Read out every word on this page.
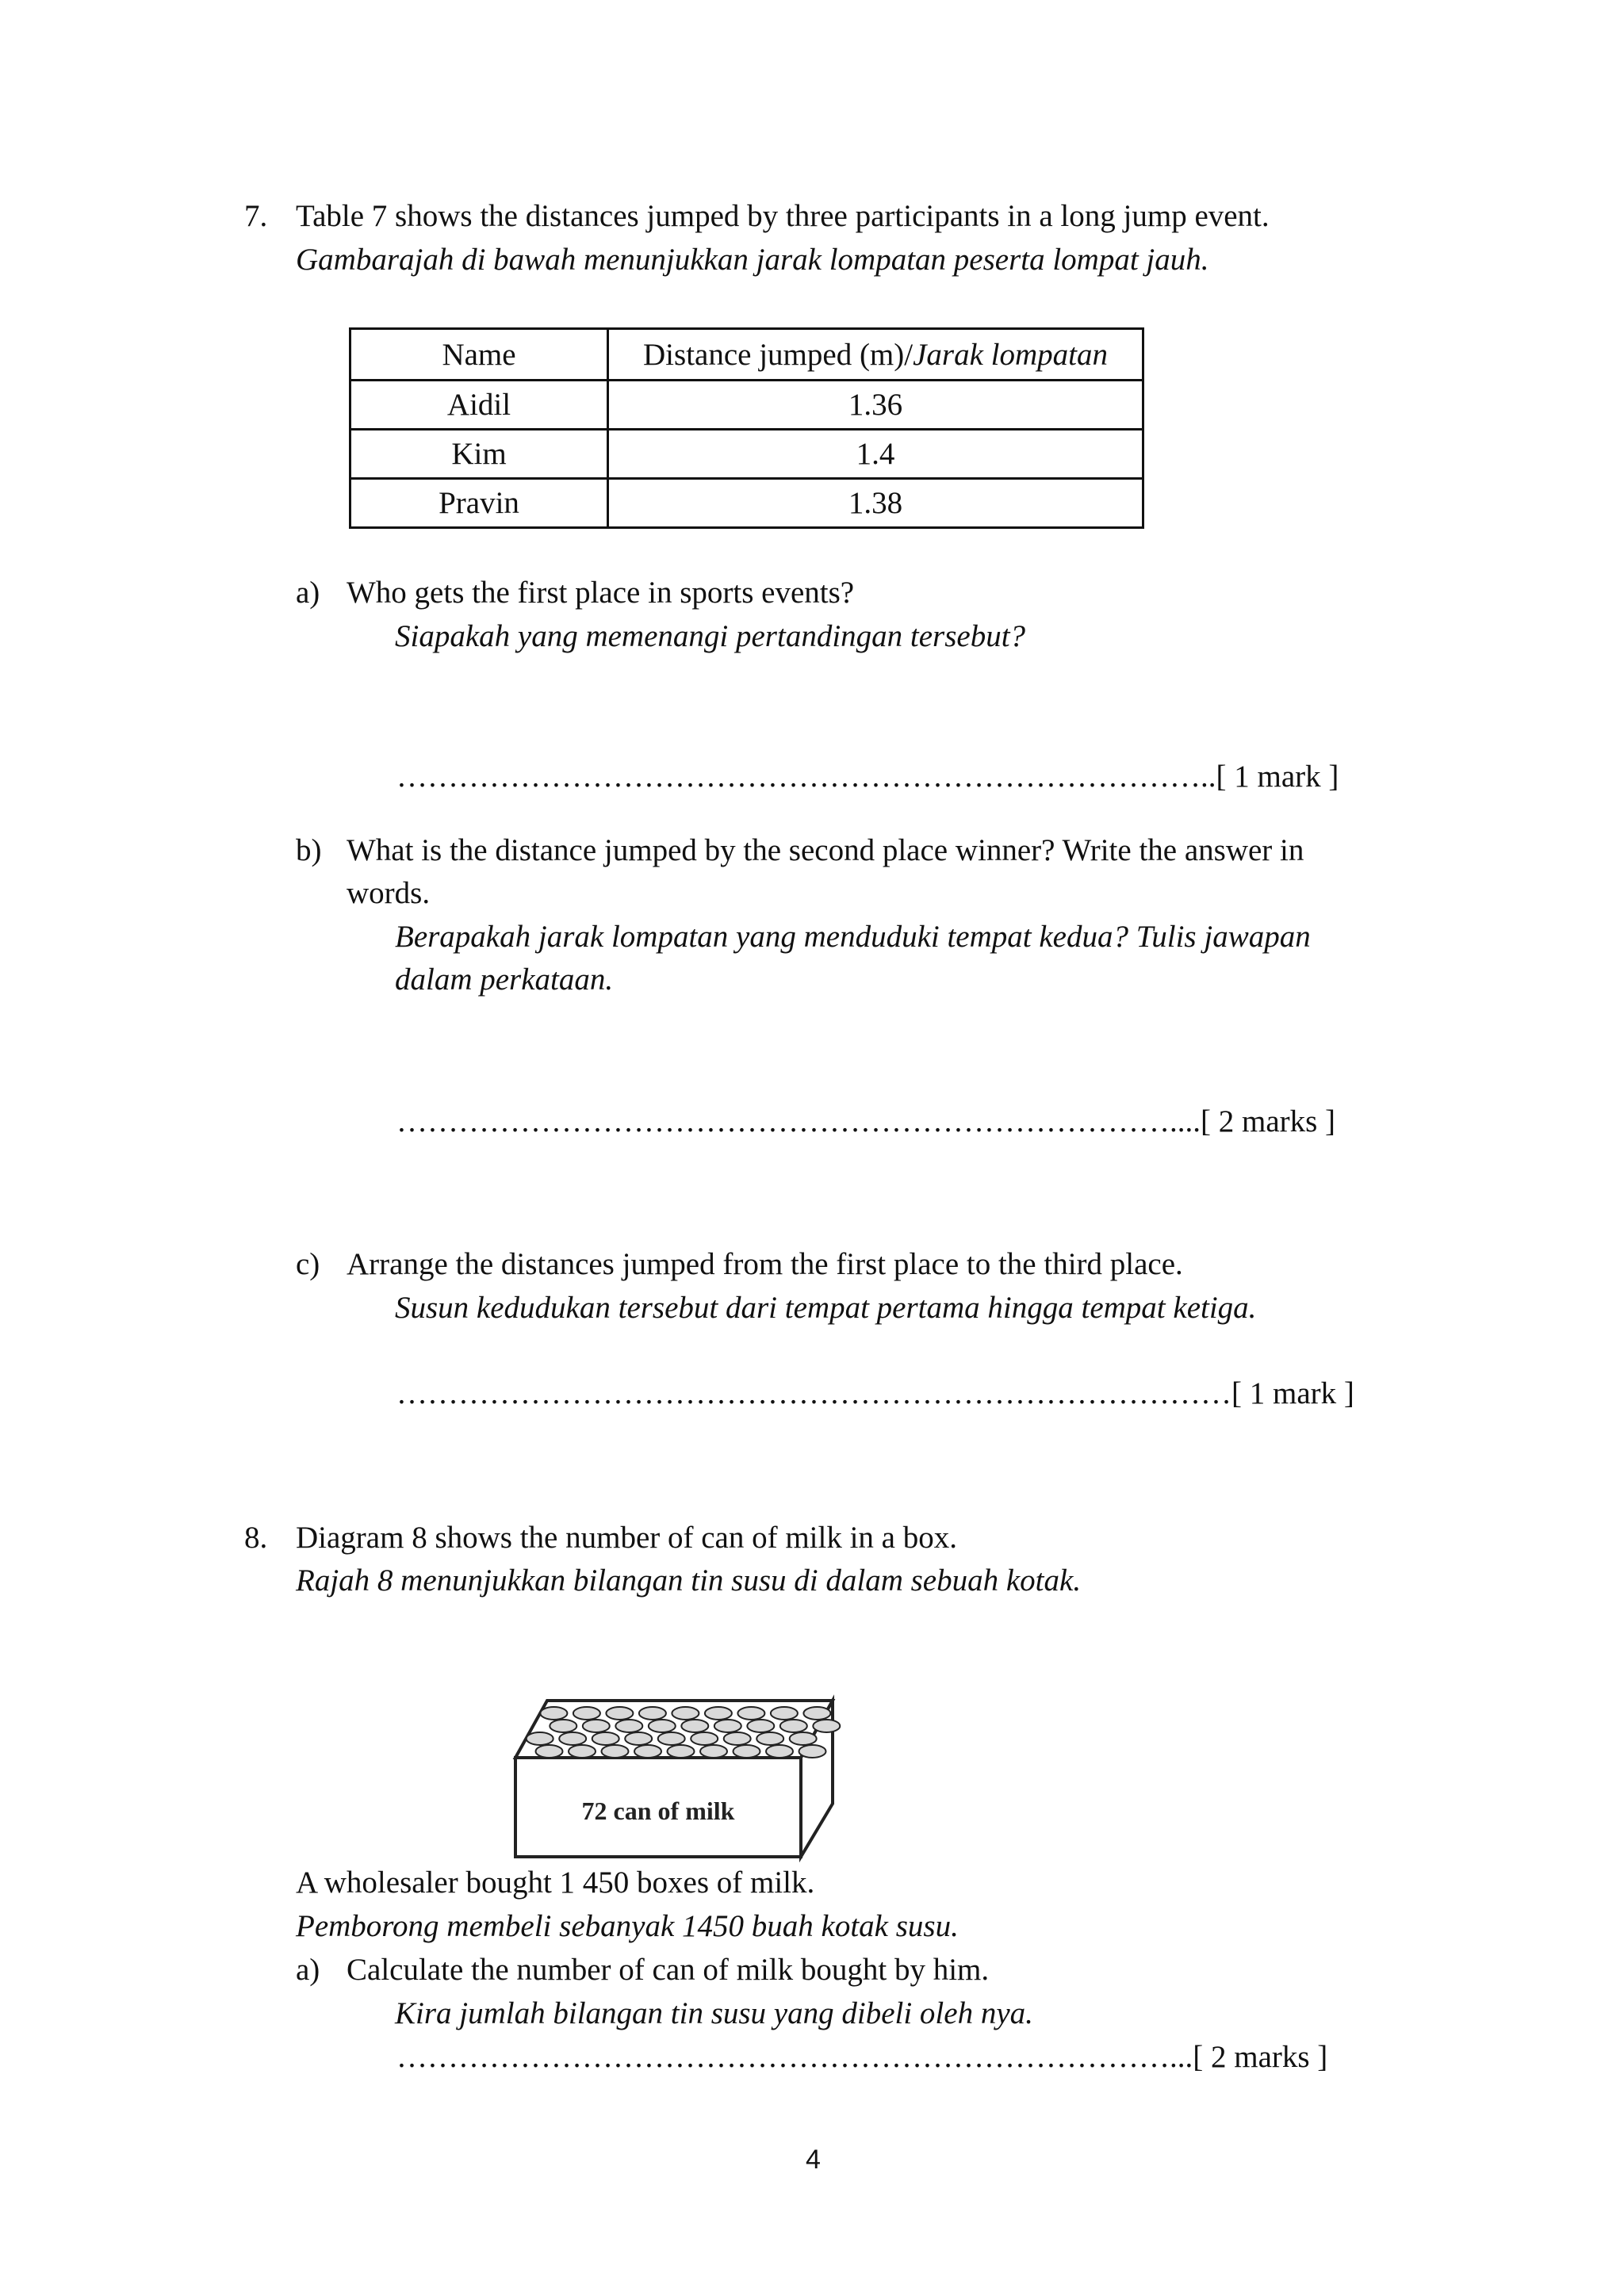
7. Table 7 shows the distances jumped by three participants in a long jump event.
Gambarajah di bawah menunjukkan jarak lompatan peserta lompat jauh.
Name	Distance jumped (m)/Jarak lompatan
Aidil	1.36
Kim	1.4
Pravin	1.38
a) Who gets the first place in sports events?
Siapakah yang memenangi pertandingan tersebut?
……………………………………………………………………..[ 1 mark ]
b) What is the distance jumped by the second place winner? Write the answer in
words.
Berapakah jarak lompatan yang menduduki tempat kedua? Tulis jawapan
dalam perkataan.
…………………………………………………………………....[ 2 marks ]
c) Arrange the distances jumped from the first place to the third place.
Susun kedudukan tersebut dari tempat pertama hingga tempat ketiga.
………………………………………………………………………[ 1 mark ]
8. Diagram 8 shows the number of can of milk in a box.
Rajah 8 menunjukkan bilangan tin susu di dalam sebuah kotak.
72 can of milk
A wholesaler bought 1 450 boxes of milk.
Pemborong membeli sebanyak 1450 buah kotak susu.
a) Calculate the number of can of milk bought by him.
Kira jumlah bilangan tin susu yang dibeli oleh nya.
…………………………………………………………………...[ 2 marks ]
4
